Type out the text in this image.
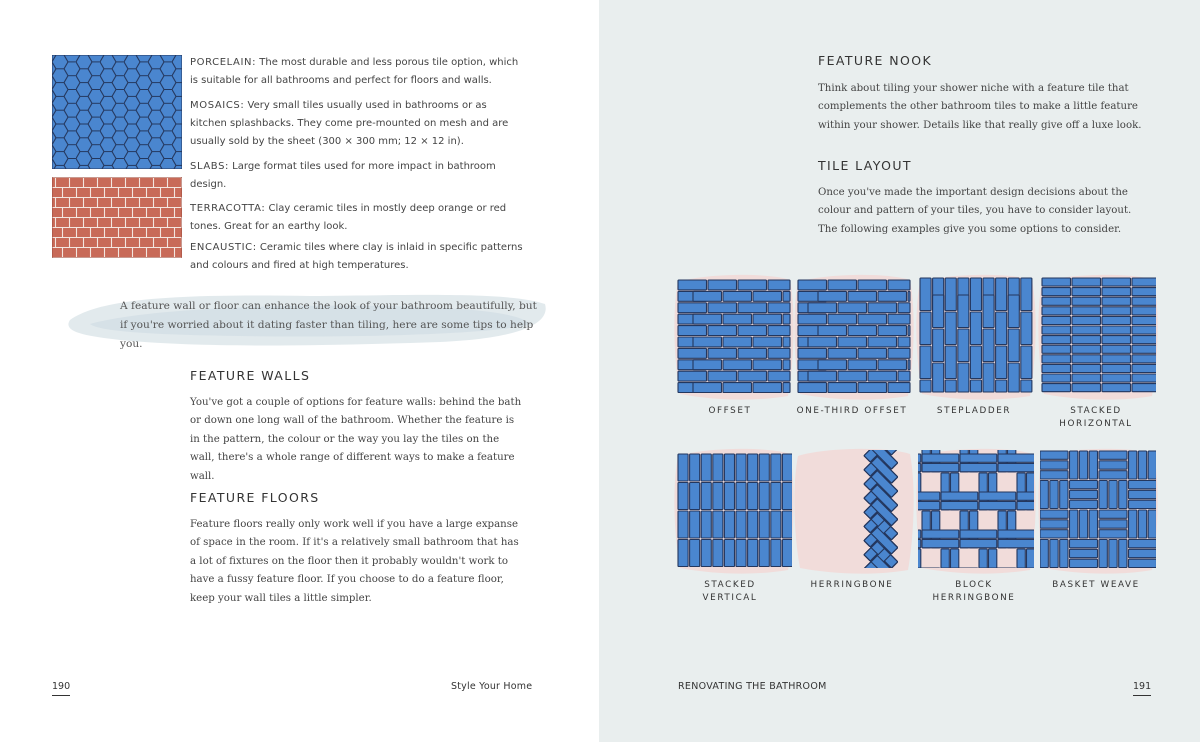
PORCELAIN: The most durable and less porous tile option, which is suitable for all bathrooms and perfect for floors and walls.

MOSAICS: Very small tiles usually used in bathrooms or as kitchen splashbacks. They come pre-mounted on mesh and are usually sold by the sheet (300 × 300 mm; 12 × 12 in).

SLABS: Large format tiles used for more impact in bathroom design.

TERRACOTTA: Clay ceramic tiles in mostly deep orange or red tones. Great for an earthy look.

ENCAUSTIC: Ceramic tiles where clay is inlaid in specific patterns and colours and fired at high temperatures.

A feature wall or floor can enhance the look of your bathroom beautifully, but if you're worried about it dating faster than tiling, here are some tips to help you.

FEATURE WALLS

You've got a couple of options for feature walls: behind the bath or down one long wall of the bathroom. Whether the feature is in the pattern, the colour or the way you lay the tiles on the wall, there's a whole range of different ways to make a feature wall.

FEATURE FLOORS

Feature floors really only work well if you have a large expanse of space in the room. If it's a relatively small bathroom that has a lot of fixtures on the floor then it probably wouldn't work to have a fussy feature floor. If you choose to do a feature floor, keep your wall tiles a little simpler.

190	Style Your Home
FEATURE NOOK

Think about tiling your shower niche with a feature tile that complements the other bathroom tiles to make a little feature within your shower. Details like that really give off a luxe look.

TILE LAYOUT

Once you've made the important design decisions about the colour and pattern of your tiles, you have to consider layout. The following examples give you some options to consider.

OFFSET	ONE-THIRD OFFSET	STEPLADDER	STACKED
HORIZONTAL
STACKED
VERTICAL
HERRINGBONE	BLOCK
HERRINGBONE
BASKET WEAVE
RENOVATING THE BATHROOM	191
